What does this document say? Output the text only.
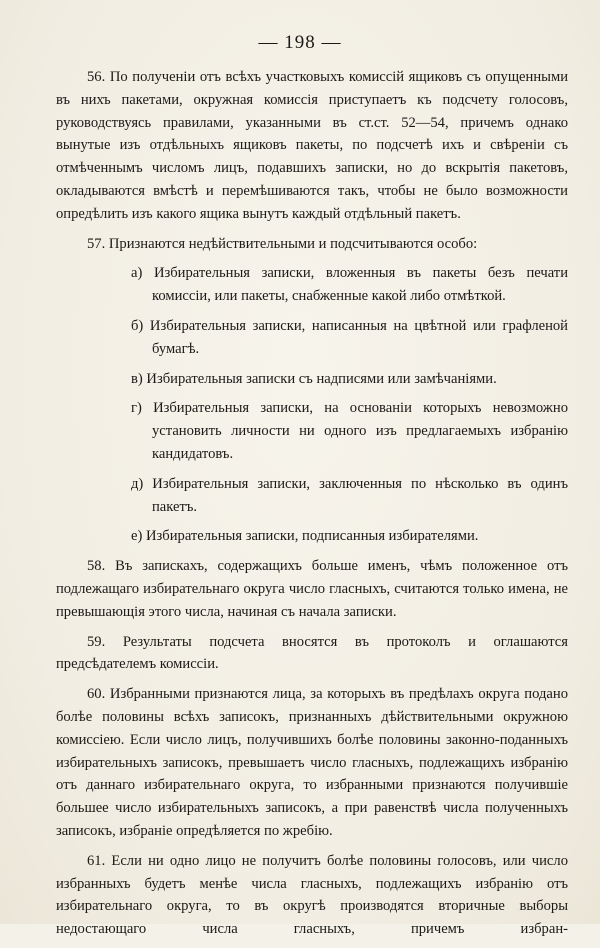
— 198 —

56. По полученіи отъ всѣхъ участковыхъ комиссій ящиковъ съ опущенными въ нихъ пакетами, окружная комиссія приступаетъ къ подсчету голосовъ, руководствуясь правилами, указанными въ ст.ст. 52—54, причемъ однако вынутые изъ отдѣльныхъ ящиковъ пакеты, по подсчетѣ ихъ и свѣреніи съ отмѣченнымъ числомъ лицъ, подавшихъ записки, но до вскрытія пакетовъ, окладываются вмѣстѣ и перемѣшиваются такъ, чтобы не было возможности опредѣлить изъ какого ящика вынутъ каждый отдѣльный пакетъ.

57. Признаются недѣйствительными и подсчитываются особо:

а) Избирательныя записки, вложенныя въ пакеты безъ печати комиссіи, или пакеты, снабженные какой либо отмѣткой.

б) Избирательныя записки, написанныя на цвѣтной или графленой бумагѣ.

в) Избирательныя записки съ надписями или замѣчаніями.

г) Избирательныя записки, на основаніи которыхъ невозможно установить личности ни одного изъ предлагаемыхъ избранію кандидатовъ.

д) Избирательныя записки, заключенныя по нѣсколько въ одинъ пакетъ.

е) Избирательныя записки, подписанныя избирателями.

58. Въ запискахъ, содержащихъ больше именъ, чѣмъ положенное отъ подлежащаго избирательнаго округа число гласныхъ, считаются только имена, не превышающія этого числа, начиная съ начала записки.

59. Результаты подсчета вносятся въ протоколъ и оглашаются предсѣдателемъ комиссіи.

60. Избранными признаются лица, за которыхъ въ предѣлахъ округа подано болѣе половины всѣхъ записокъ, признанныхъ дѣйствительными окружною комиссіею. Если число лицъ, получившихъ болѣе половины законно-поданныхъ избирательныхъ записокъ, превышаетъ число гласныхъ, подлежащихъ избранію отъ даннаго избирательнаго округа, то избранными признаются получившіе большее число избирательныхъ записокъ, а при равенствѣ числа полученныхъ записокъ, избраніе опредѣляется по жребію.

61. Если ни одно лицо не получитъ болѣе половины голосовъ, или число избранныхъ будетъ менѣе числа гласныхъ, подлежащихъ избранію отъ избирательнаго округа, то въ округѣ производятся вторичные выборы недостающаго числа гласныхъ, причемъ избран-
